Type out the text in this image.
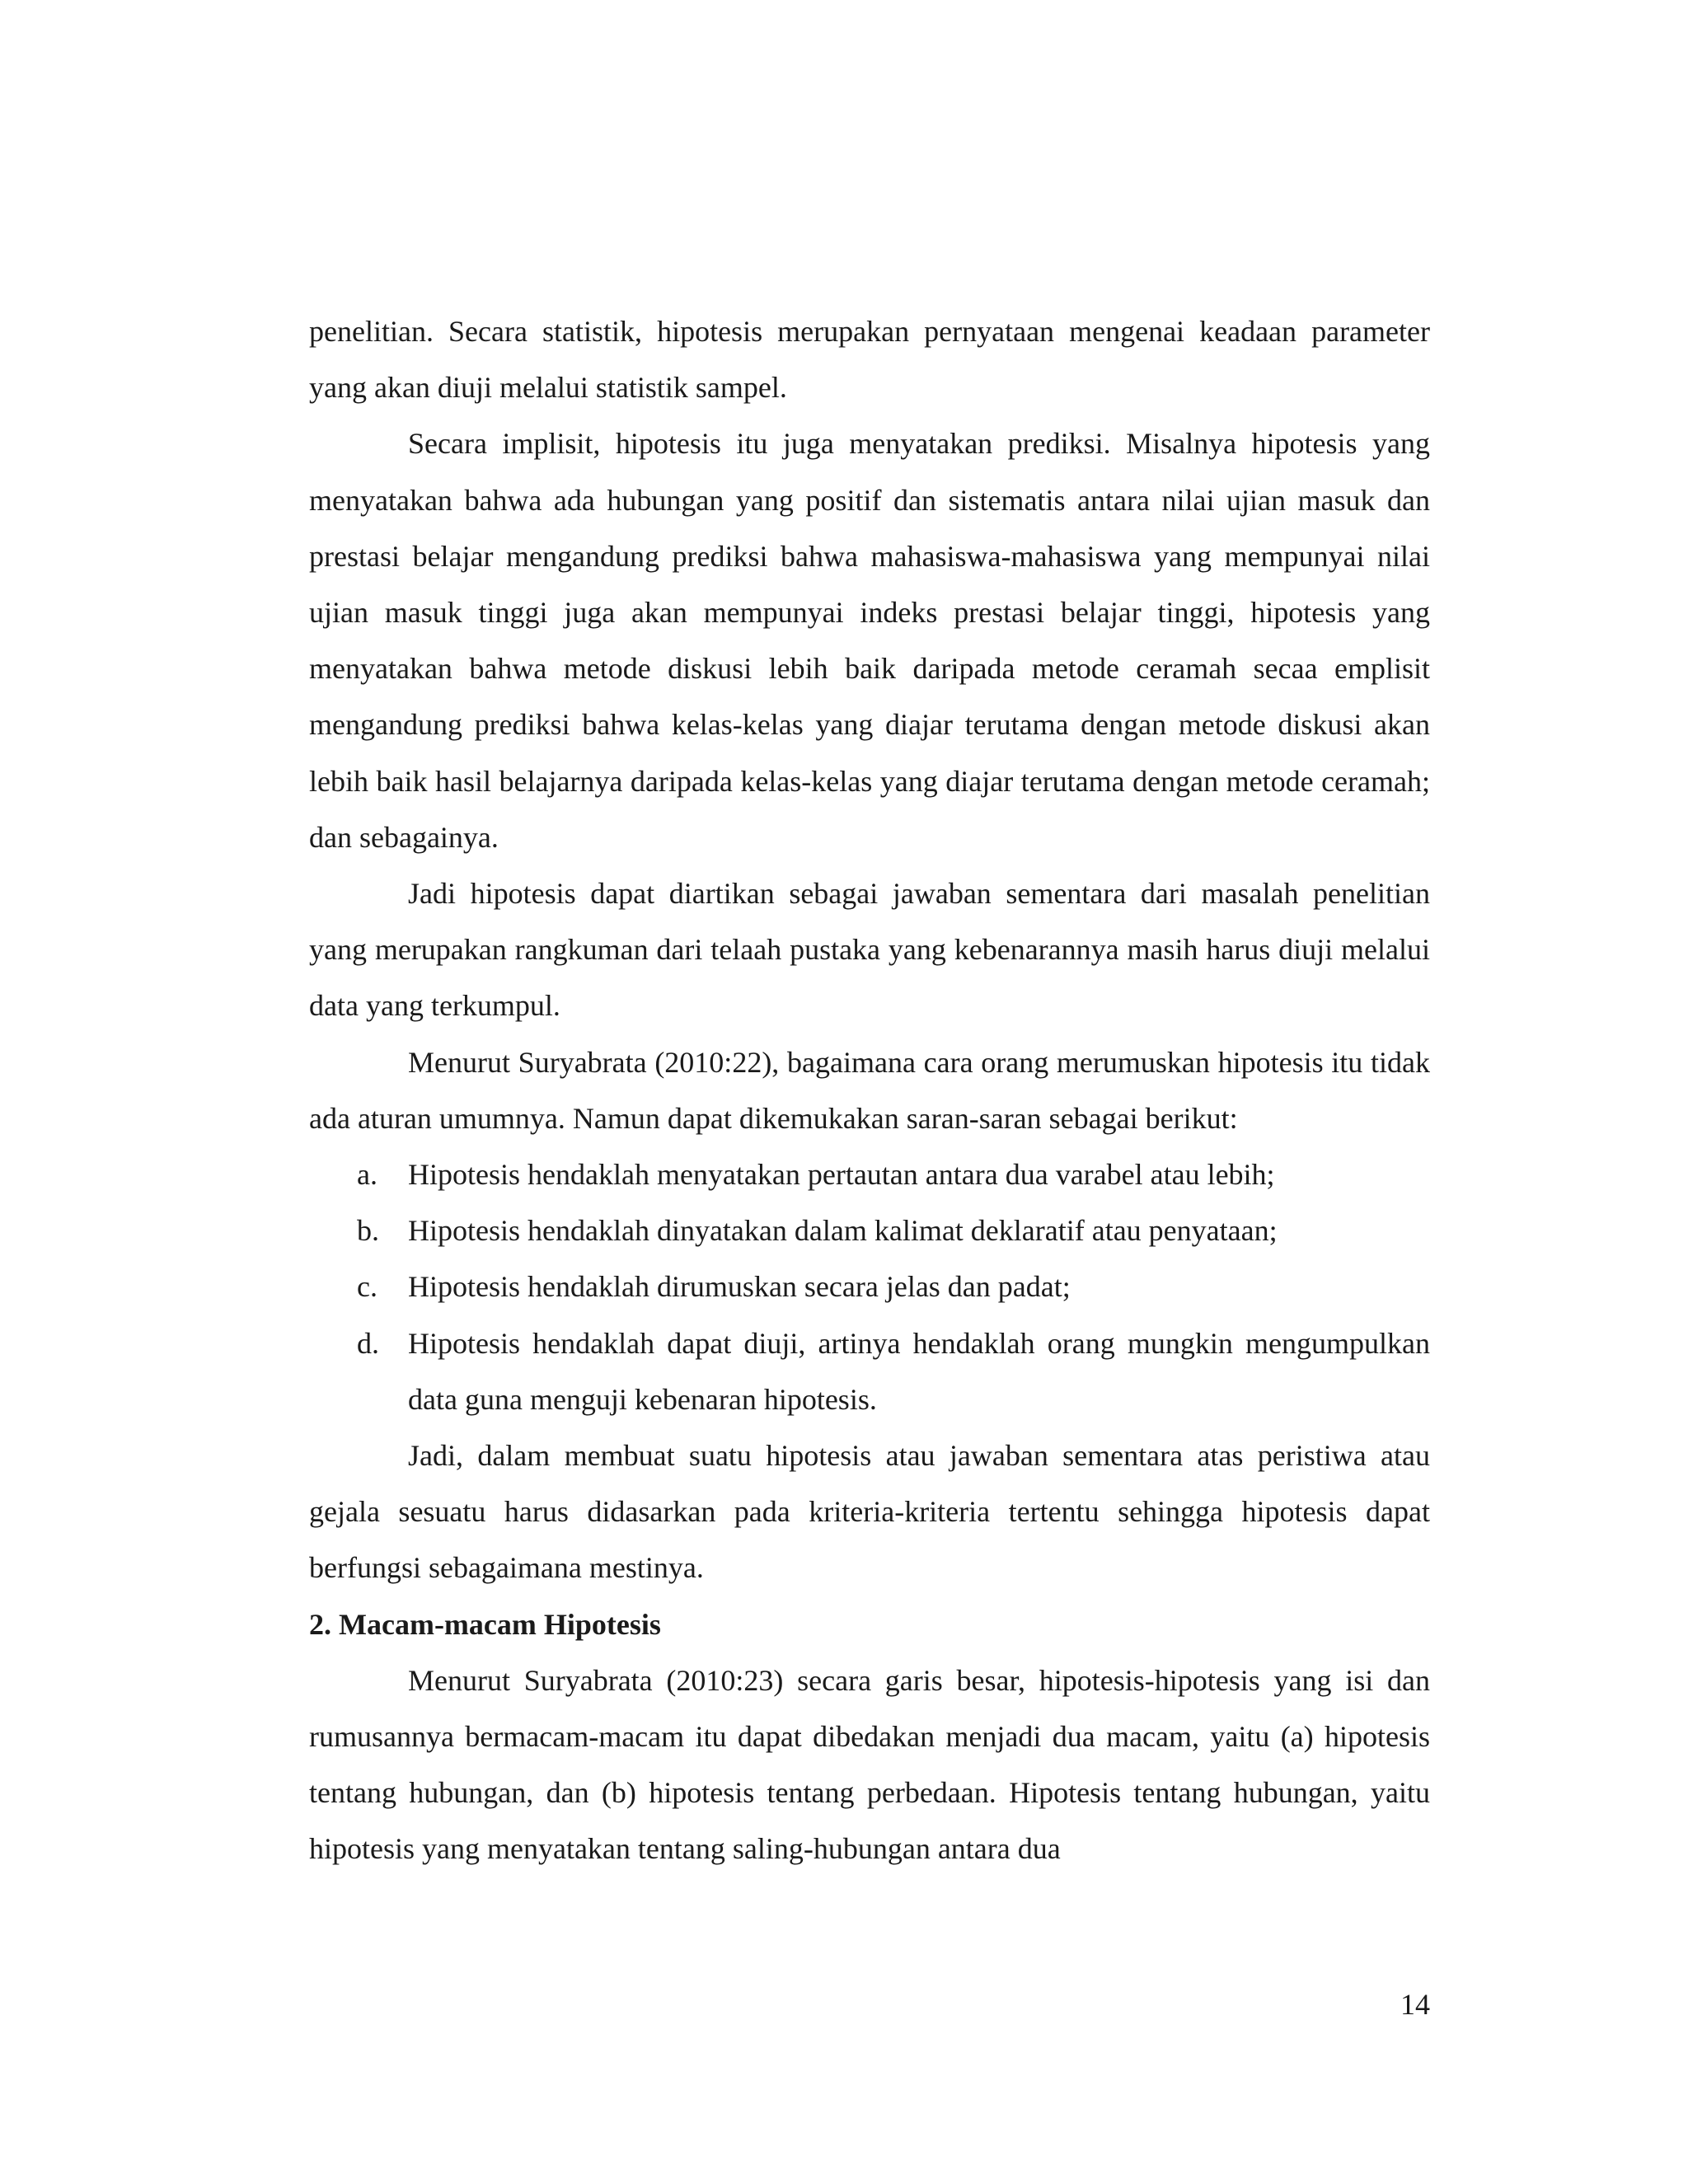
penelitian. Secara statistik, hipotesis merupakan pernyataan mengenai keadaan parameter yang akan diuji melalui statistik sampel.

Secara implisit, hipotesis itu juga menyatakan prediksi. Misalnya hipotesis yang menyatakan bahwa ada hubungan yang positif dan sistematis antara nilai ujian masuk dan prestasi belajar mengandung prediksi bahwa mahasiswa-mahasiswa yang mempunyai nilai ujian masuk tinggi juga akan mempunyai indeks prestasi belajar tinggi, hipotesis yang menyatakan bahwa metode diskusi lebih baik daripada metode ceramah secaa emplisit mengandung prediksi bahwa kelas-kelas yang diajar terutama dengan metode diskusi akan lebih baik hasil belajarnya daripada kelas-kelas yang diajar terutama dengan metode ceramah; dan sebagainya.

Jadi hipotesis dapat diartikan sebagai jawaban sementara dari masalah penelitian yang merupakan rangkuman dari telaah pustaka yang kebenarannya masih harus diuji melalui data yang terkumpul.

Menurut Suryabrata (2010:22), bagaimana cara orang merumuskan hipotesis itu tidak ada aturan umumnya. Namun dapat dikemukakan saran-saran sebagai berikut:

a. Hipotesis hendaklah menyatakan pertautan antara dua varabel atau lebih;
b. Hipotesis hendaklah dinyatakan dalam kalimat deklaratif atau penyataan;
c. Hipotesis hendaklah dirumuskan secara jelas dan padat;
d. Hipotesis hendaklah dapat diuji, artinya hendaklah orang mungkin mengumpulkan data guna menguji kebenaran hipotesis.

Jadi, dalam membuat suatu hipotesis atau jawaban sementara atas peristiwa atau gejala sesuatu harus didasarkan pada kriteria-kriteria tertentu sehingga hipotesis dapat berfungsi sebagaimana mestinya.

2. Macam-macam Hipotesis

Menurut Suryabrata (2010:23) secara garis besar, hipotesis-hipotesis yang isi dan rumusannya bermacam-macam itu dapat dibedakan menjadi dua macam, yaitu (a) hipotesis tentang hubungan, dan (b) hipotesis tentang perbedaan. Hipotesis tentang hubungan, yaitu hipotesis yang menyatakan tentang saling-hubungan antara dua

14
